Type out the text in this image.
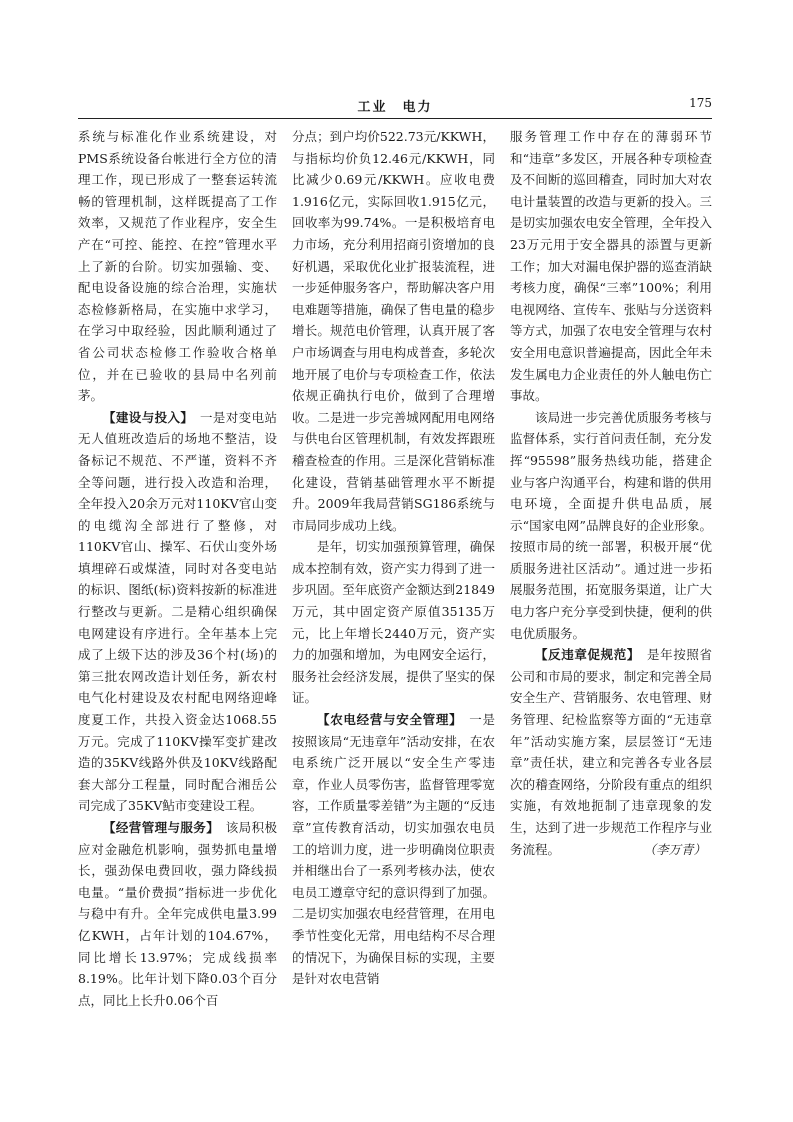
工业　电力	175

系统与标准化作业系统建设，对PMS系统设备台帐进行全方位的清理工作，现已形成了一整套运转流畅的管理机制，这样既提高了工作效率，又规范了作业程序，安全生产在“可控、能控、在控”管理水平上了新的台阶。切实加强输、变、配电设备设施的综合治理，实施状态检修新格局，在实施中求学习，在学习中取经验，因此顺利通过了省公司状态检修工作验收合格单位，并在已验收的县局中名列前茅。

【建设与投入】　 一是对变电站无人值班改造后的场地不整洁，设备标记不规范、不严谨，资料不齐全等问题，进行投入改造和治理，全年投入20余万元对110KV官山变的电缆沟全部进行了整修，对110KV官山、操军、石伏山变外场填埋碎石或煤渣，同时对各变电站的标识、图纸(标)资料按新的标准进行整改与更新。二是精心组织确保电网建设有序进行。全年基本上完成了上级下达的涉及36个村(场)的第三批农网改造计划任务，新农村电气化村建设及农村配电网络迎峰度夏工作，共投入资金达1068.55万元。完成了110KV操军变扩建改造的35KV线路外供及10KV线路配套大部分工程量，同时配合湘岳公司完成了35KV鲇市变建设工程。

【经营管理与服务】　 该局积极应对金融危机影响，强势抓电量增长，强劲保电费回收，强力降线损电量。“量价费损”指标进一步优化与稳中有升。全年完成供电量3.99亿KWH，占年计划的104.67%，同比增长13.97%；完成线损率8.19%。比年计划下降0.03个百分点，同比上长升0.06个百

分点；到户均价522.73元/KKWH，与指标均价负12.46元/KKWH，同比减少0.69元/KKWH。应收电费1.916亿元，实际回收1.915亿元，回收率为99.74%。一是积极培育电力市场，充分利用招商引资增加的良好机遇，采取优化业扩报装流程，进一步延伸服务客户，帮助解决客户用电难题等措施，确保了售电量的稳步增长。规范电价管理，认真开展了客户市场调查与用电构成普查，多轮次地开展了电价与专项检查工作，依法依规正确执行电价，做到了合理增收。二是进一步完善城网配用电网络与供电台区管理机制，有效发挥跟班稽查检查的作用。三是深化营销标准化建设，营销基础管理水平不断提升。2009年我局营销SG186系统与市局同步成功上线。

是年，切实加强预算管理，确保成本控制有效，资产实力得到了进一步巩固。至年底资产金额达到21849万元，其中固定资产原值35135万元，比上年增长2440万元，资产实力的加强和增加，为电网安全运行，服务社会经济发展，提供了坚实的保证。

【农电经营与安全管理】　 一是按照该局“无违章年”活动安排，在农电系统广泛开展以“安全生产零违章，作业人员零伤害，监督管理零宽容，工作质量零差错”为主题的“反违章”宣传教育活动，切实加强农电员工的培训力度，进一步明确岗位职责并相继出台了一系列考核办法，使农电员工遵章守纪的意识得到了加强。二是切实加强农电经营管理，在用电季节性变化无常，用电结构不尽合理的情况下，为确保目标的实现，主要是针对农电营销

服务管理工作中存在的薄弱环节和“违章”多发区，开展各种专项检查及不间断的巡回稽查，同时加大对农电计量装置的改造与更新的投入。三是切实加强农电安全管理，全年投入23万元用于安全器具的添置与更新工作；加大对漏电保护器的巡查消缺考核力度，确保“三率”100%；利用电视网络、宣传车、张贴与分送资料等方式，加强了农电安全管理与农村安全用电意识普遍提高，因此全年未发生属电力企业责任的外人触电伤亡事故。

该局进一步完善优质服务考核与监督体系，实行首问责任制，充分发挥“95598”服务热线功能，搭建企业与客户沟通平台，构建和谐的供用电环境，全面提升供电品质，展示“国家电网”品牌良好的企业形象。按照市局的统一部署，积极开展“优质服务进社区活动”。通过进一步拓展服务范围，拓宽服务渠道，让广大电力客户充分享受到快捷，便利的供电优质服务。

【反违章促规范】　 是年按照省公司和市局的要求，制定和完善全局安全生产、营销服务、农电管理、财务管理、纪检监察等方面的“无违章年”活动实施方案，层层签订“无违章”责任状，建立和完善各专业各层次的稽查网络，分阶段有重点的组织实施，有效地扼制了违章现象的发生，达到了进一步规范工作程序与业务流程。	（李万青）
